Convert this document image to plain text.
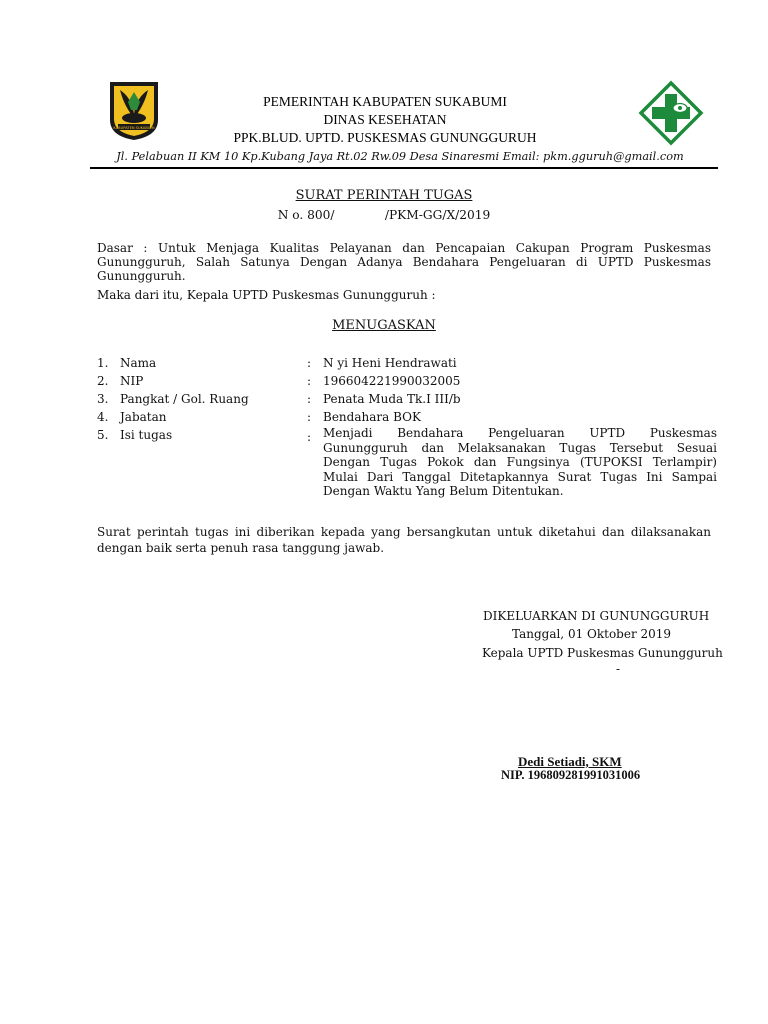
KABUPATEN SUKABUMI
PEMERINTAH KABUPATEN SUKABUMI
DINAS KESEHATAN
PPK.BLUD. UPTD. PUSKESMAS GUNUNGGURUH
Jl. Pelabuan II KM 10 Kp.Kubang Jaya Rt.02 Rw.09 Desa Sinaresmi Email: pkm.gguruh@gmail.com
SURAT PERINTAH TUGAS
N o. 800/             /PKM-GG/X/2019
Dasar : Untuk Menjaga Kualitas Pelayanan dan Pencapaian Cakupan Program Puskesmas Gunungguruh, Salah Satunya Dengan Adanya Bendahara Pengeluaran di UPTD Puskesmas Gunungguruh.
Maka dari itu, Kepala UPTD Puskesmas Gunungguruh :
MENUGASKAN
1. Nama	: N yi Heni Hendrawati
2. NIP	: 196604221990032005
3. Pangkat / Gol. Ruang	: Penata Muda Tk.I III/b
4. Jabatan	: Bendahara BOK
5. Isi tugas	: Menjadi Bendahara Pengeluaran UPTD Puskesmas Gunungguruh dan Melaksanakan Tugas Tersebut Sesuai Dengan Tugas Pokok dan Fungsinya (TUPOKSI Terlampir) Mulai Dari Tanggal Ditetapkannya Surat Tugas Ini Sampai Dengan Waktu Yang Belum Ditentukan.
Surat perintah tugas ini diberikan kepada yang bersangkutan untuk diketahui dan dilaksanakan dengan baik serta penuh rasa tanggung jawab.
DIKELUARKAN DI GUNUNGGURUH
Tanggal, 01 Oktober 2019
Kepala UPTD Puskesmas Gunungguruh
-
Dedi Setiadi, SKM
NIP. 196809281991031006
